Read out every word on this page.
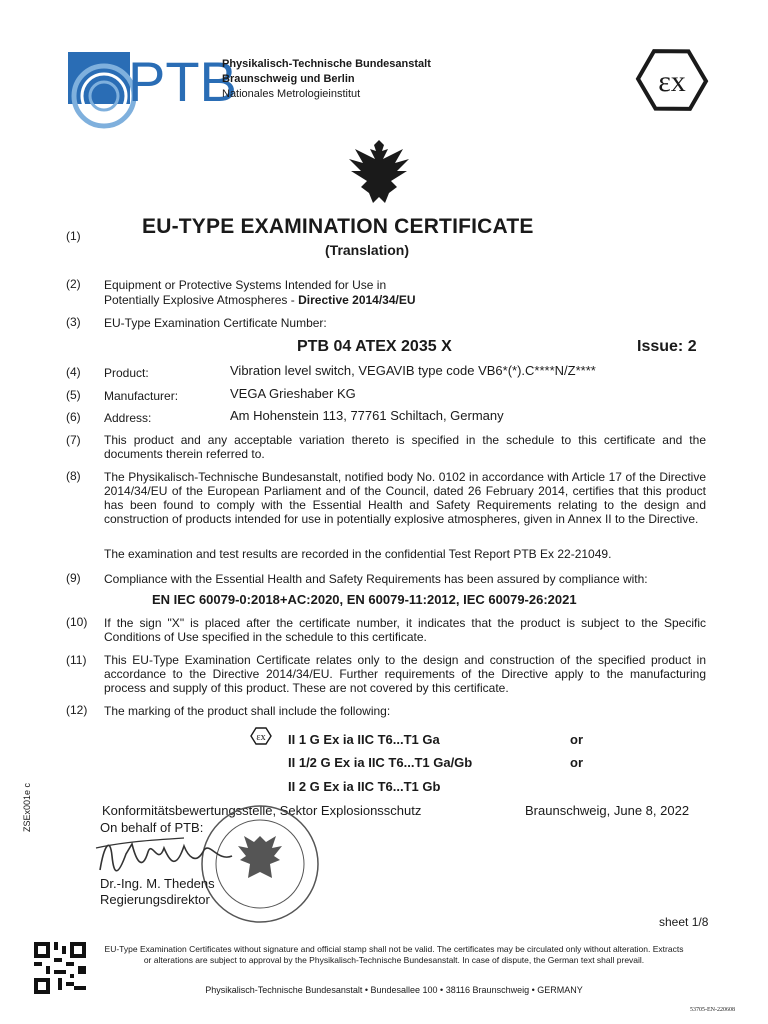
PTB
Physikalisch-Technische Bundesanstalt
Braunschweig und Berlin
Nationales Metrologieinstitut	εx
(1)	EU-TYPE EXAMINATION CERTIFICATE
(Translation)
(2) Equipment or Protective Systems Intended for Use in
Potentially Explosive Atmospheres - Directive 2014/34/EU
(3) EU-Type Examination Certificate Number:
PTB 04 ATEX 2035 X	Issue: 2
(4) Product:	Vibration level switch, VEGAVIB type code VB6*(*).C****N/Z****
(5) Manufacturer:	VEGA Grieshaber KG
(6) Address:	Am Hohenstein 113, 77761 Schiltach, Germany
(7) This product and any acceptable variation thereto is specified in the schedule to this certificate and the documents therein referred to.
(8) The Physikalisch-Technische Bundesanstalt, notified body No. 0102 in accordance with Article 17 of the Directive 2014/34/EU of the European Parliament and of the Council, dated 26 February 2014, certifies that this product has been found to comply with the Essential Health and Safety Requirements relating to the design and construction of products intended for use in potentially explosive atmospheres, given in Annex II to the Directive.
The examination and test results are recorded in the confidential Test Report PTB Ex 22-21049.
(9) Compliance with the Essential Health and Safety Requirements has been assured by compliance with:
EN IEC 60079-0:2018+AC:2020, EN 60079-11:2012, IEC 60079-26:2021
(10) If the sign "X" is placed after the certificate number, it indicates that the product is subject to the Specific Conditions of Use specified in the schedule to this certificate.
(11) This EU-Type Examination Certificate relates only to the design and construction of the specified product in accordance to the Directive 2014/34/EU. Further requirements of the Directive apply to the manufacturing process and supply of this product. These are not covered by this certificate.
(12) The marking of the product shall include the following:
εx II 1 G Ex ia IIC T6...T1 Ga	or
II 1/2 G Ex ia IIC T6...T1 Ga/Gb	or
II 2 G Ex ia IIC T6...T1 Gb
Konformitätsbewertungsstelle, Sektor Explosionsschutz
On behalf of PTB:
Braunschweig, June 8, 2022
Dr.-Ing. M. Thedens
Regierungsdirektor
sheet 1/8
ZSEx001e c
EU-Type Examination Certificates without signature and official stamp shall not be valid. The certificates may be circulated only without alteration. Extracts or alterations are subject to approval by the Physikalisch-Technische Bundesanstalt. In case of dispute, the German text shall prevail.
Physikalisch-Technische Bundesanstalt • Bundesallee 100 • 38116 Braunschweig • GERMANY
53705-EN-220608
